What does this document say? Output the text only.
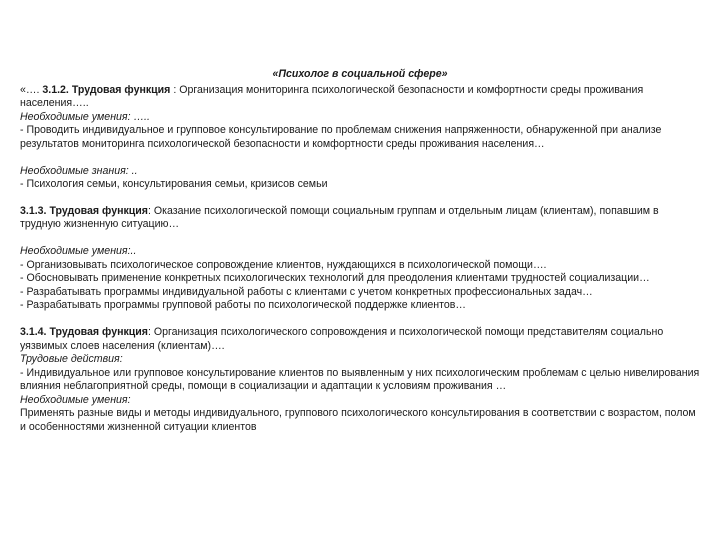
«Психолог в социальной сфере»

«…. 3.1.2. Трудовая функция : Организация мониторинга психологической безопасности и комфортности среды проживания населения…..

Необходимые умения: …..

- Проводить индивидуальное и групповое консультирование по проблемам снижения напряженности, обнаруженной при анализе результатов мониторинга психологической безопасности и комфортности среды проживания населения…

Необходимые знания: ..

- Психология семьи, консультирования семьи, кризисов семьи

3.1.3. Трудовая функция: Оказание психологической помощи социальным группам и отдельным лицам (клиентам), попавшим в трудную жизненную ситуацию…

Необходимые умения:..

- Организовывать психологическое сопровождение клиентов, нуждающихся в психологической помощи….

- Обосновывать применение конкретных психологических технологий для преодоления клиентами трудностей социализации…

- Разрабатывать программы индивидуальной работы с клиентами с учетом конкретных профессиональных задач…

- Разрабатывать программы групповой работы по психологической поддержке клиентов…

3.1.4. Трудовая функция: Организация психологического сопровождения и психологической помощи представителям социально уязвимых слоев населения (клиентам)….

Трудовые действия:

- Индивидуальное или групповое консультирование клиентов по выявленным у них психологическим проблемам с целью нивелирования влияния неблагоприятной среды, помощи в социализации и адаптации к условиям проживания …

Необходимые умения:

Применять разные виды и методы индивидуального, группового психологического консультирования в соответствии с возрастом, полом и особенностями жизненной ситуации клиентов
